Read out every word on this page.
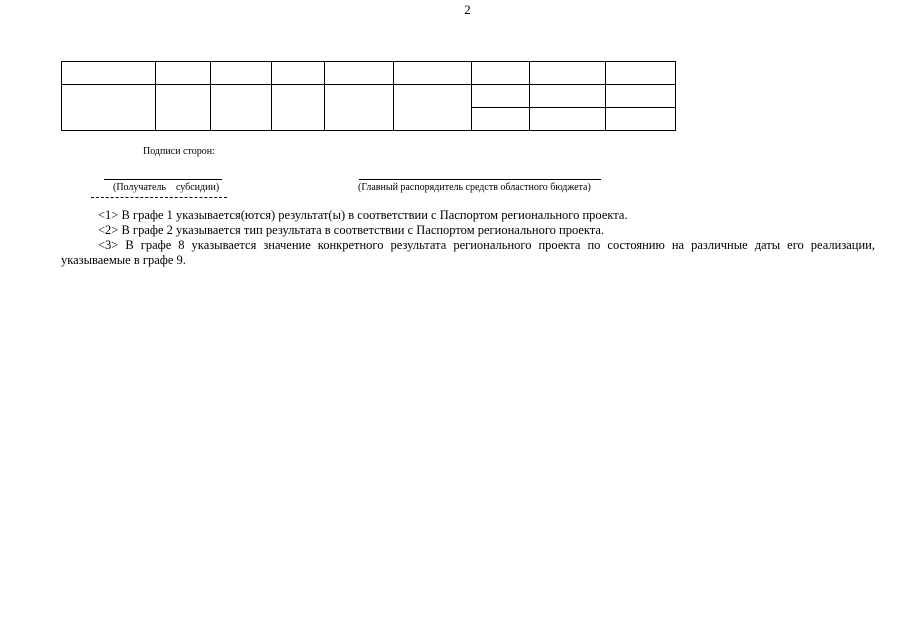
2

Подписи сторон:
(Получатель    субсидии)	(Главный распорядитель средств областного бюджета)

<1> В графе 1 указывается(ются) результат(ы) в соответствии с Паспортом регионального проекта.

<2> В графе 2 указывается тип результата в соответствии с Паспортом регионального проекта.

<3> В графе 8 указывается значение конкретного результата регионального проекта по состоянию на различные даты его реализации, указываемые в графе 9.
